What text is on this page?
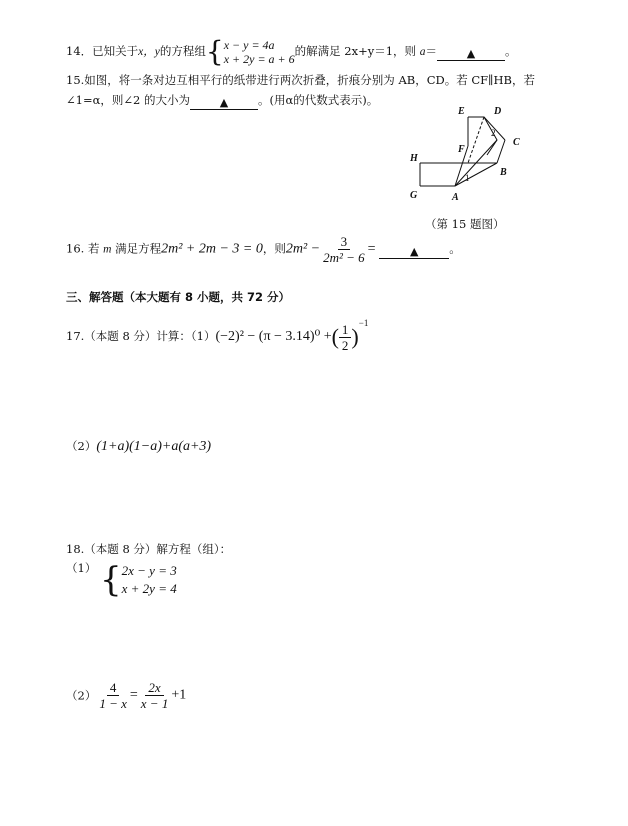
14．已知关于x，y的方程组{x − y = 4a
x + 2y = a + 6的解满足 2x+y＝1，则 a＝	▲	。
15.如图，将一条对边互相平行的纸带进行两次折叠，折痕分别为 AB，CD。若 CF∥HB，若
∠1=α，则∠2 的大小为	▲	。(用α的代数式表示)。
E	D
C
H
F
B
G	A
2
1
（第 15 题图）
16. 若 m 满足方程2m² + 2m − 3 = 0，则$2m^2 - \frac{3}{\text{2m² − 6}}$ =	▲	。
三、解答题（本大题有 8 小题，共 72 分）
17.（本题 8 分）计算：（1）(−2)² − (π − 3.14)⁰ +( $\frac{1}{2} )^{-1}$
（2）(1+a)(1−a)+a(a+3)
18.（本题 8 分）解方程（组）：
（1） {2x − y = 3
x + 2y = 4
$(2) \frac{4}{1 - x} = \frac{2x}{x - 1} +1$
